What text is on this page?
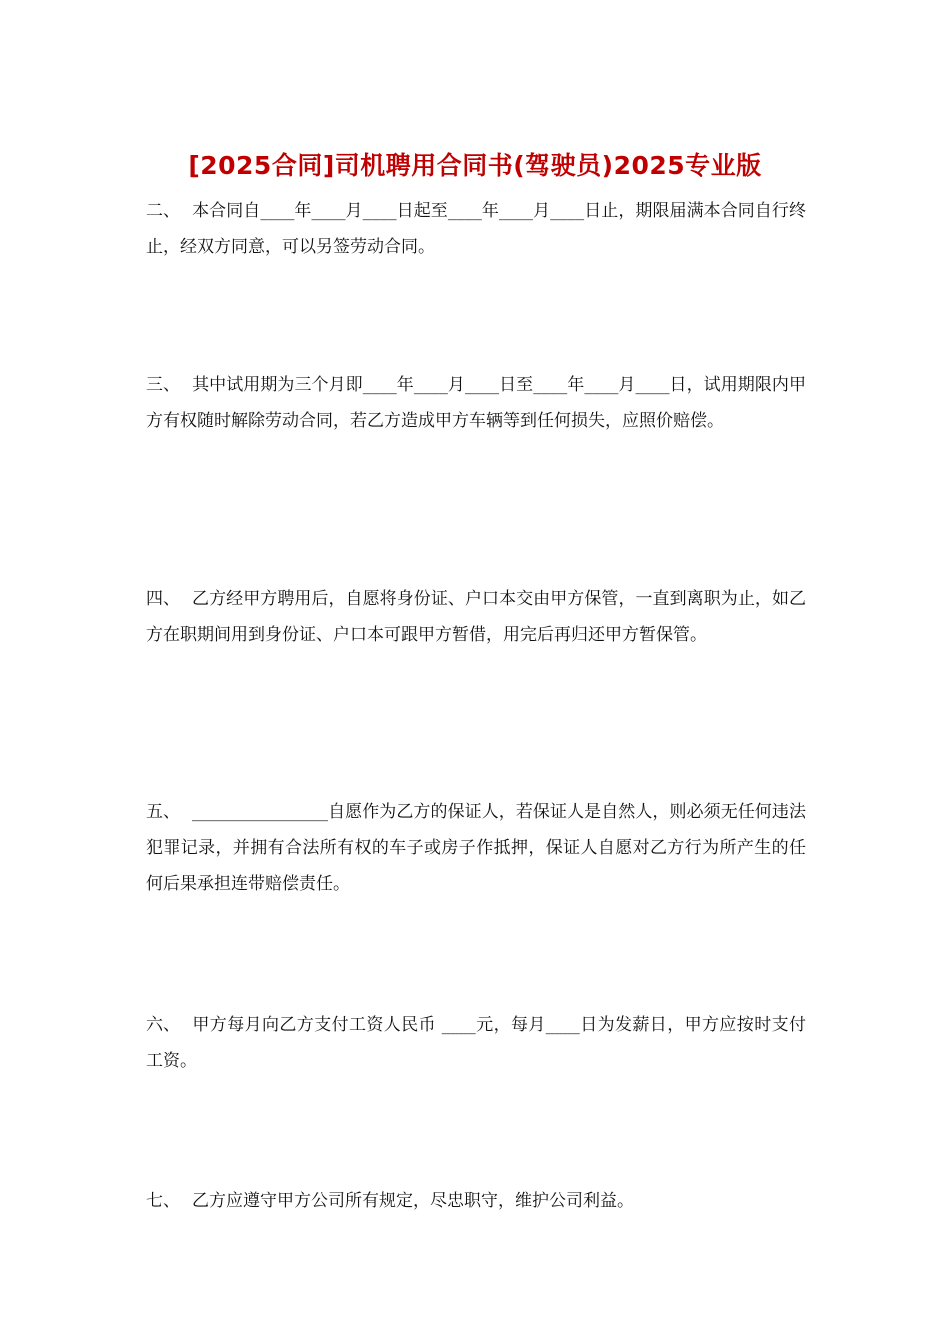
[2025合同]司机聘用合同书(驾驶员)2025专业版
二、 本合同自____年____月____日起至____年____月____日止，期限届满本合同自行终止，经双方同意，可以另签劳动合同。
三、 其中试用期为三个月即____年____月____日至____年____月____日，试用期限内甲方有权随时解除劳动合同，若乙方造成甲方车辆等到任何损失，应照价赔偿。
四、 乙方经甲方聘用后，自愿将身份证、户口本交由甲方保管，一直到离职为止，如乙方在职期间用到身份证、户口本可跟甲方暂借，用完后再归还甲方暂保管。
五、 ________________自愿作为乙方的保证人，若保证人是自然人，则必须无任何违法犯罪记录，并拥有合法所有权的车子或房子作抵押，保证人自愿对乙方行为所产生的任何后果承担连带赔偿责任。
六、 甲方每月向乙方支付工资人民币 ____元，每月____日为发薪日，甲方应按时支付工资。
七、 乙方应遵守甲方公司所有规定，尽忠职守，维护公司利益。
